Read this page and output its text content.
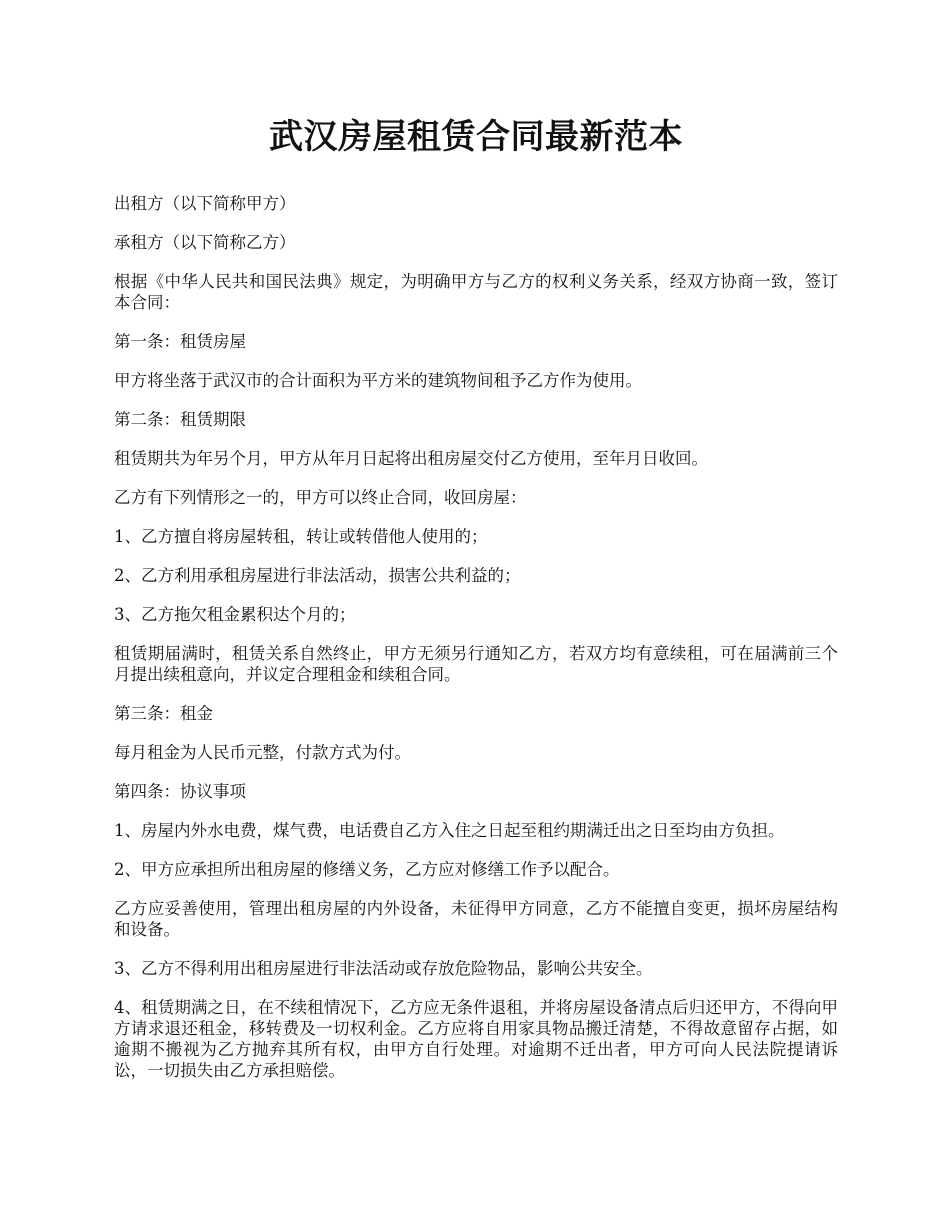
武汉房屋租赁合同最新范本

出租方（以下简称甲方）

承租方（以下简称乙方）

根据《中华人民共和国民法典》规定，为明确甲方与乙方的权利义务关系，经双方协商一致，签订本合同：

第一条：租赁房屋

甲方将坐落于武汉市的合计面积为平方米的建筑物间租予乙方作为使用。

第二条：租赁期限

租赁期共为年另个月，甲方从年月日起将出租房屋交付乙方使用，至年月日收回。

乙方有下列情形之一的，甲方可以终止合同，收回房屋：

1、乙方擅自将房屋转租，转让或转借他人使用的；

2、乙方利用承租房屋进行非法活动，损害公共利益的；

3、乙方拖欠租金累积达个月的；

租赁期届满时，租赁关系自然终止，甲方无须另行通知乙方，若双方均有意续租，可在届满前三个月提出续租意向，并议定合理租金和续租合同。

第三条：租金

每月租金为人民币元整，付款方式为付。

第四条：协议事项

1、房屋内外水电费，煤气费，电话费自乙方入住之日起至租约期满迁出之日至均由方负担。

2、甲方应承担所出租房屋的修缮义务，乙方应对修缮工作予以配合。

乙方应妥善使用，管理出租房屋的内外设备，未征得甲方同意，乙方不能擅自变更，损坏房屋结构和设备。

3、乙方不得利用出租房屋进行非法活动或存放危险物品，影响公共安全。

4、租赁期满之日，在不续租情况下，乙方应无条件退租，并将房屋设备清点后归还甲方，不得向甲方请求退还租金，移转费及一切权利金。乙方应将自用家具物品搬迁清楚，不得故意留存占据，如逾期不搬视为乙方抛弃其所有权，由甲方自行处理。对逾期不迁出者，甲方可向人民法院提请诉讼，一切损失由乙方承担赔偿。
